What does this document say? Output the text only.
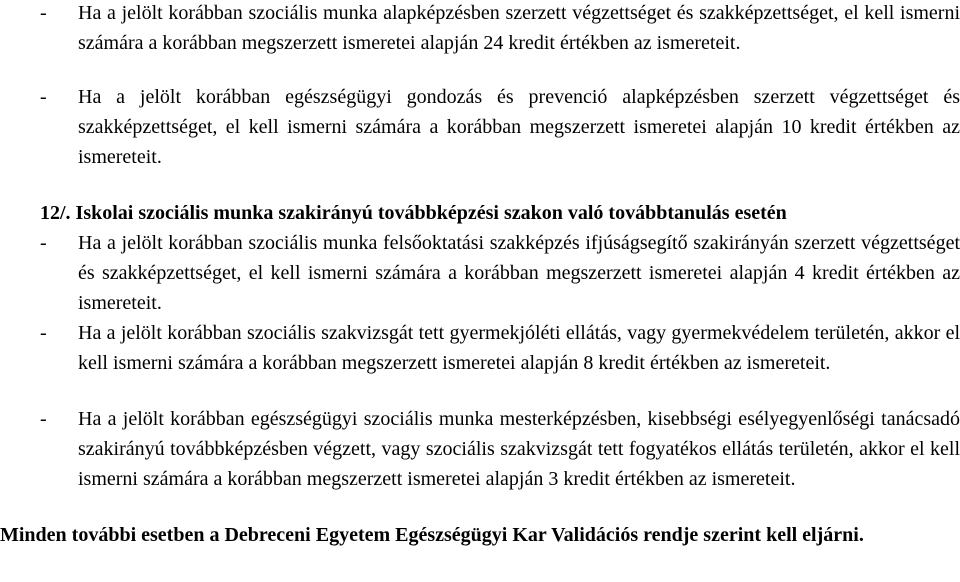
- Ha a jelölt korábban szociális munka alapképzésben szerzett végzettséget és szakképzettséget, el kell ismerni számára a korábban megszerzett ismeretei alapján 24 kredit értékben az ismereteit.
- Ha a jelölt korábban egészségügyi gondozás és prevenció alapképzésben szerzett végzettséget és szakképzettséget, el kell ismerni számára a korábban megszerzett ismeretei alapján 10 kredit értékben az ismereteit.
12/. Iskolai szociális munka szakirányú továbbképzési szakon való továbbtanulás esetén
- Ha a jelölt korábban szociális munka felsőoktatási szakképzés ifjúságsegítő szakirányán szerzett végzettséget és szakképzettséget, el kell ismerni számára a korábban megszerzett ismeretei alapján 4 kredit értékben az ismereteit.
- Ha a jelölt korábban szociális szakvizsgát tett gyermekjóléti ellátás, vagy gyermekvédelem területén, akkor el kell ismerni számára a korábban megszerzett ismeretei alapján 8 kredit értékben az ismereteit.
- Ha a jelölt korábban egészségügyi szociális munka mesterképzésben, kisebbségi esélyegyenlőségi tanácsadó szakirányú továbbképzésben végzett, vagy szociális szakvizsgát tett fogyatékos ellátás területén, akkor el kell ismerni számára a korábban megszerzett ismeretei alapján 3 kredit értékben az ismereteit.
Minden további esetben a Debreceni Egyetem Egészségügyi Kar Validációs rendje szerint kell eljárni.
